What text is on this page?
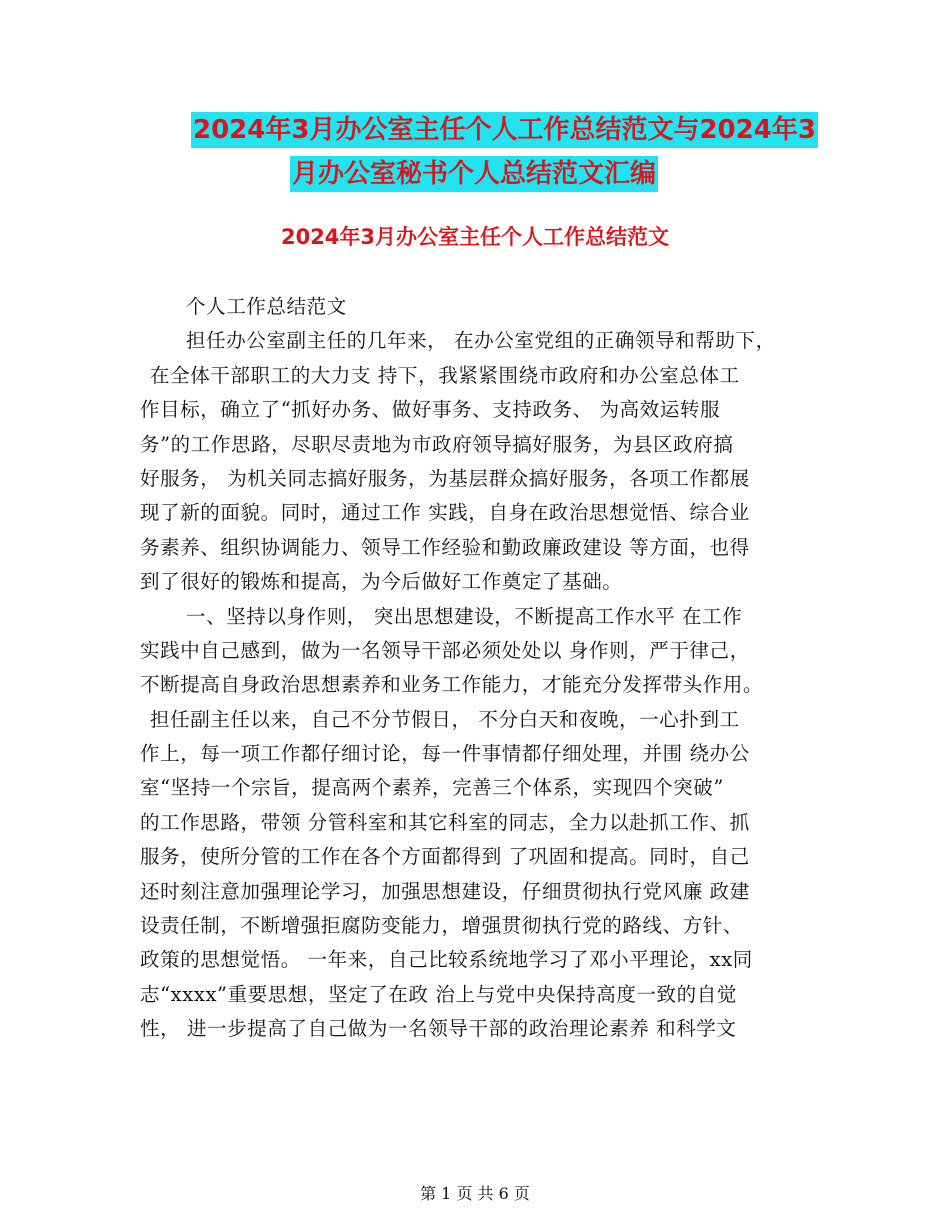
2024年3月办公室主任个人工作总结范文与2024年3
月办公室秘书个人总结范文汇编
2024年3月办公室主任个人工作总结范文
个人工作总结范文
担任办公室副主任的几年来， 在办公室党组的正确领导和帮助下，
在全体干部职工的大力支 持下，我紧紧围绕市政府和办公室总体工
作目标，确立了“抓好办务、做好事务、支持政务、 为高效运转服
务”的工作思路，尽职尽责地为市政府领导搞好服务，为县区政府搞
好服务， 为机关同志搞好服务，为基层群众搞好服务，各项工作都展
现了新的面貌。同时，通过工作 实践，自身在政治思想觉悟、综合业
务素养、组织协调能力、领导工作经验和勤政廉政建设 等方面，也得
到了很好的锻炼和提高，为今后做好工作奠定了基础。
一、坚持以身作则， 突出思想建设，不断提高工作水平 在工作
实践中自己感到，做为一名领导干部必须处处以 身作则，严于律己，
不断提高自身政治思想素养和业务工作能力，才能充分发挥带头作用。
担任副主任以来，自己不分节假日， 不分白天和夜晚，一心扑到工
作上，每一项工作都仔细讨论，每一件事情都仔细处理，并围 绕办公
室“坚持一个宗旨，提高两个素养，完善三个体系，实现四个突破”
的工作思路，带领 分管科室和其它科室的同志，全力以赴抓工作、抓
服务，使所分管的工作在各个方面都得到 了巩固和提高。同时，自己
还时刻注意加强理论学习，加强思想建设，仔细贯彻执行党风廉 政建
设责任制，不断增强拒腐防变能力，增强贯彻执行党的路线、方针、
政策的思想觉悟。 一年来，自己比较系统地学习了邓小平理论，xx同
志“xxxx”重要思想，坚定了在政 治上与党中央保持高度一致的自觉
性， 进一步提高了自己做为一名领导干部的政治理论素养 和科学文
第 1 页 共 6 页
